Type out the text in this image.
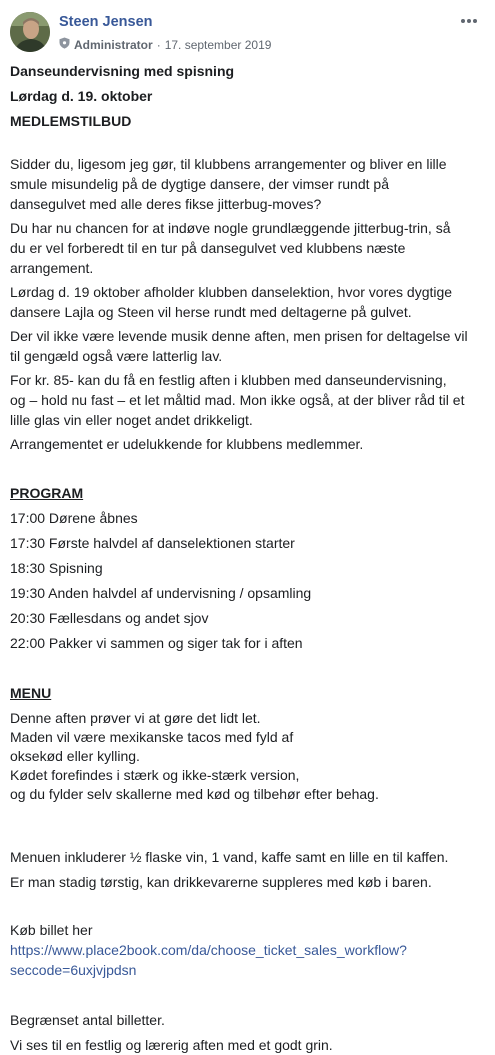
Steen Jensen
Administrator · 17. september 2019
Danseundervisning med spisning
Lørdag d. 19. oktober
MEDLEMSTILBUD
Sidder du, ligesom jeg gør, til klubbens arrangementer og bliver en lille
smule misundelig på de dygtige dansere, der vimser rundt på
dansegulvet med alle deres fikse jitterbug-moves?
Du har nu chancen for at indøve nogle grundlæggende jitterbug-trin, så
du er vel forberedt til en tur på dansegulvet ved klubbens næste
arrangement.
Lørdag d. 19 oktober afholder klubben danselektion, hvor vores dygtige
dansere Lajla og Steen vil herse rundt med deltagerne på gulvet.
Der vil ikke være levende musik denne aften, men prisen for deltagelse vil
til gengæld også være latterlig lav.
For kr. 85- kan du få en festlig aften i klubben med danseundervisning,
og – hold nu fast – et let måltid mad. Mon ikke også, at der bliver råd til et
lille glas vin eller noget andet drikkeligt.
Arrangementet er udelukkende for klubbens medlemmer.
PROGRAM
17:00 Dørene åbnes
17:30 Første halvdel af danselektionen starter
18:30 Spisning
19:30 Anden halvdel af undervisning / opsamling
20:30 Fællesdans og andet sjov
22:00 Pakker vi sammen og siger tak for i aften
MENU
Denne aften prøver vi at gøre det lidt let.
Maden vil være mexikanske tacos med fyld af
oksekød eller kylling.
Kødet forefindes i stærk og ikke-stærk version,
og du fylder selv skallerne med kød og tilbehør efter behag.
Menuen inkluderer ½ flaske vin, 1 vand, kaffe samt en lille en til kaffen.
Er man stadig tørstig, kan drikkevarerne suppleres med køb i baren.
Køb billet her
https://www.place2book.com/da/choose_ticket_sales_workflow?
seccode=6uxjvjpdsn
Begrænset antal billetter.
Vi ses til en festlig og lærerig aften med et godt grin.
